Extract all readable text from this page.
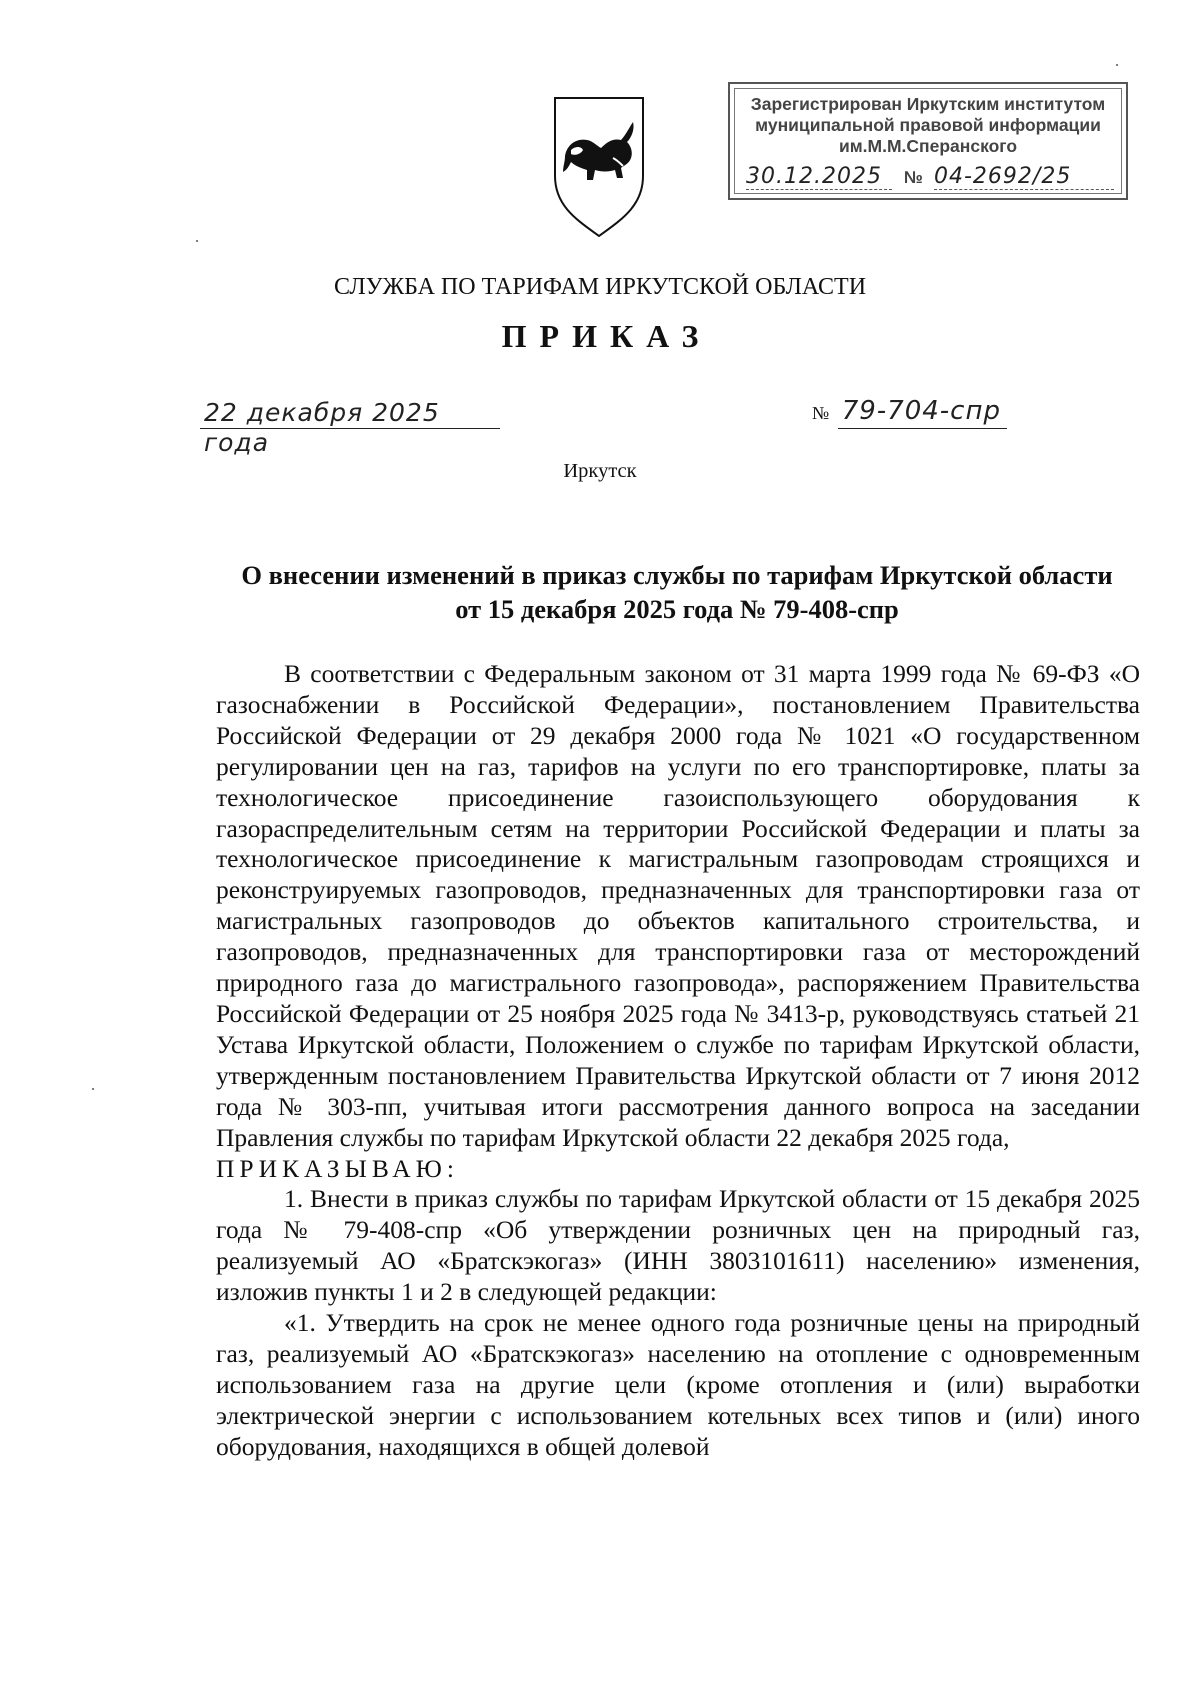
Зарегистрирован Иркутским институтом
муниципальной правовой информации
им.М.М.Сперанского
30.12.2025 № 04-2692/25
СЛУЖБА ПО ТАРИФАМ ИРКУТСКОЙ ОБЛАСТИ
ПРИКАЗ
22 декабря 2025 года
№ 79-704-спр
Иркутск
О внесении изменений в приказ службы по тарифам Иркутской области
от 15 декабря 2025 года № 79-408-спр

В соответствии с Федеральным законом от 31 марта 1999 года № 69-ФЗ «О газоснабжении в Российской Федерации», постановлением Правительства Российской Федерации от 29 декабря 2000 года № 1021 «О государственном регулировании цен на газ, тарифов на услуги по его транспортировке, платы за технологическое присоединение газоиспользующего оборудования к газораспределительным сетям на территории Российской Федерации и платы за технологическое присоединение к магистральным газопроводам строящихся и реконструируемых газопроводов, предназначенных для транспортировки газа от магистральных газопроводов до объектов капитального строительства, и газопроводов, предназначенных для транспортировки газа от месторождений природного газа до магистрального газопровода», распоряжением Правительства Российской Федерации от 25 ноября 2025 года № 3413-р, руководствуясь статьей 21 Устава Иркутской области, Положением о службе по тарифам Иркутской области, утвержденным постановлением Правительства Иркутской области от 7 июня 2012 года № 303-пп, учитывая итоги рассмотрения данного вопроса на заседании Правления службы по тарифам Иркутской области 22 декабря 2025 года,

ПРИКАЗЫВАЮ:

1. Внести в приказ службы по тарифам Иркутской области от 15 декабря 2025 года № 79-408-спр «Об утверждении розничных цен на природный газ, реализуемый АО «Братскэкогаз» (ИНН 3803101611) населению» изменения, изложив пункты 1 и 2 в следующей редакции:

«1. Утвердить на срок не менее одного года розничные цены на природный газ, реализуемый АО «Братскэкогаз» населению на отопление с одновременным использованием газа на другие цели (кроме отопления и (или) выработки электрической энергии с использованием котельных всех типов и (или) иного оборудования, находящихся в общей долевой
